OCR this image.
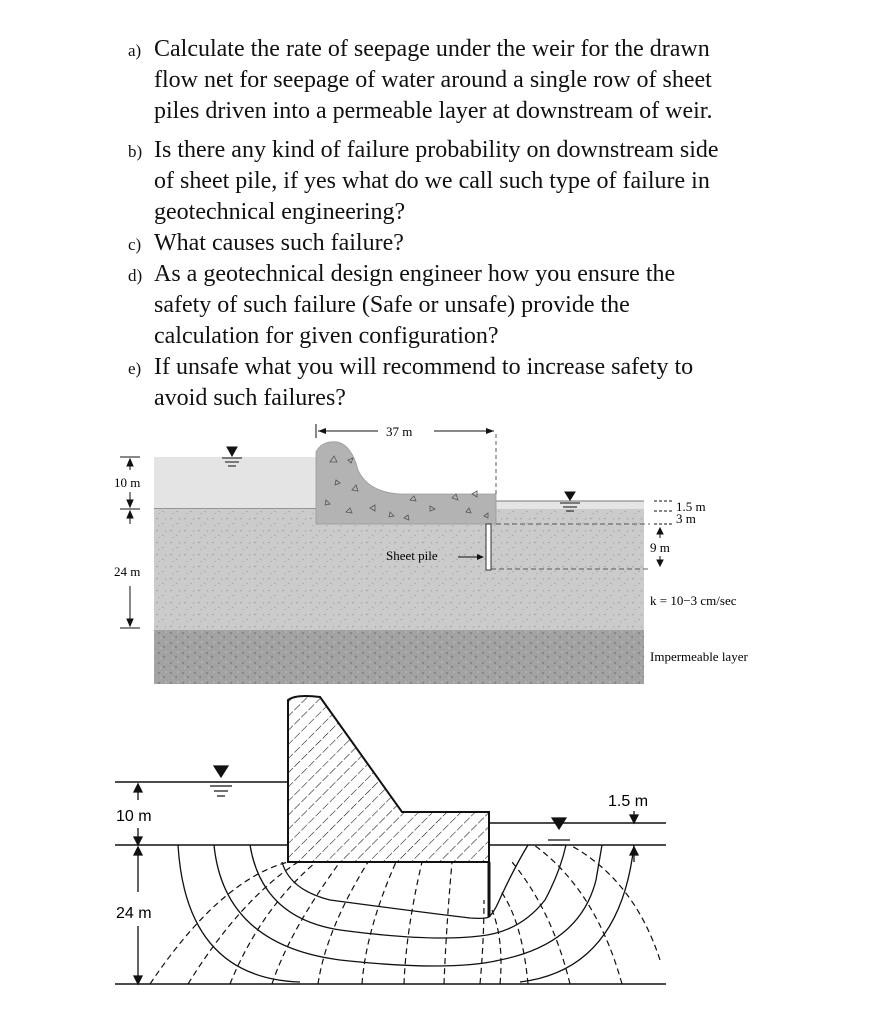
a) Calculate the rate of seepage under the weir for the drawn
flow net for seepage of water around a single row of sheet
piles driven into a permeable layer at downstream of weir.
b) Is there any kind of failure probability on downstream side
of sheet pile, if yes what do we call such type of failure in
geotechnical engineering?
c) What causes such failure?
d) As a geotechnical design engineer how you ensure the
safety of such failure (Safe or unsafe) provide the
calculation for given configuration?
e) If unsafe what you will recommend to increase safety to
avoid such failures?
Sheet pile
37 m
10 m
24 m
1.5 m
3 m
9 m
k = 10−3 cm/sec
Impermeable layer
10 m
24 m
1.5 m
